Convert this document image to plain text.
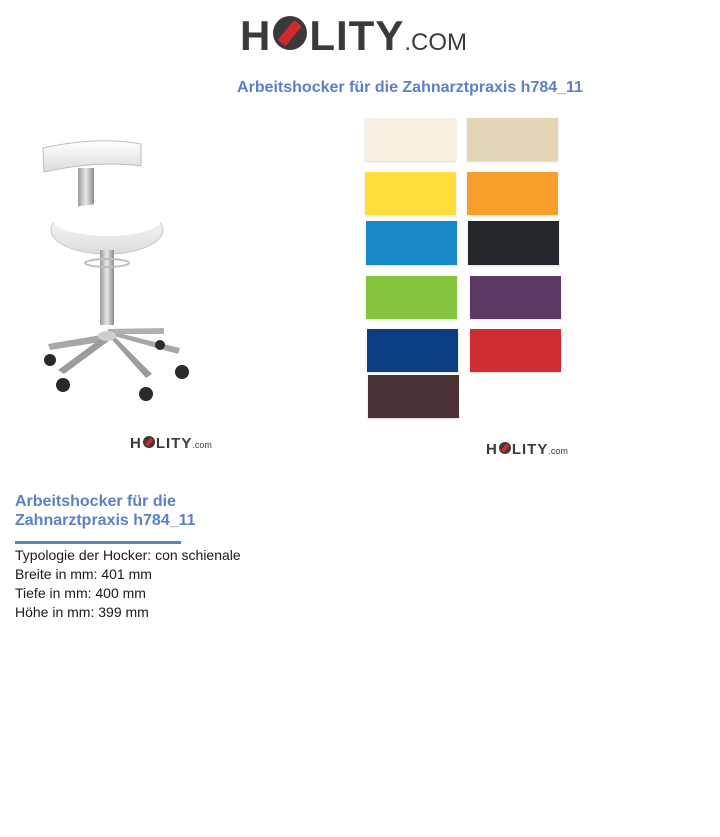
H LITY .COM
Arbeitshocker für die Zahnarztpraxis h784_11
H LITY .com	H LITY .com
Arbeitshocker für die
Zahnarztpraxis h784_11
Typologie der Hocker: con schienale
Breite in mm: 401 mm
Tiefe in mm: 400 mm
Höhe in mm: 399 mm
